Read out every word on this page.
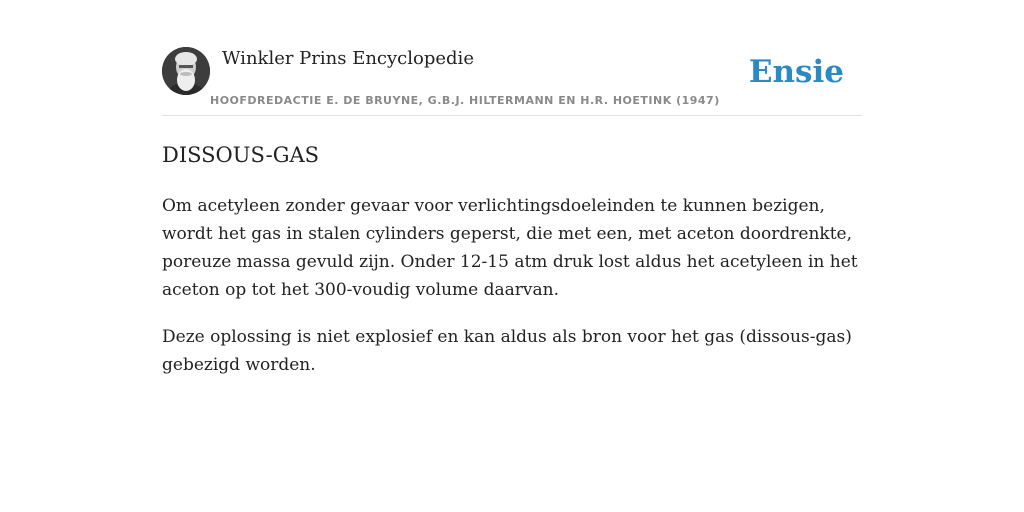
Winkler Prins Encyclopedie
HOOFDREDACTIE E. DE BRUYNE, G.B.J. HILTERMANN EN H.R. HOETINK (1947)
Ensie
DISSOUS-GAS

Om acetyleen zonder gevaar voor verlichtingsdoeleinden te kunnen bezigen, wordt het gas in stalen cylinders geperst, die met een, met aceton doordrenkte, poreuze massa gevuld zijn. Onder 12-15 atm druk lost aldus het acetyleen in het aceton op tot het 300-voudig volume daarvan.

Deze oplossing is niet explosief en kan aldus als bron voor het gas (dissous-gas) gebezigd worden.
